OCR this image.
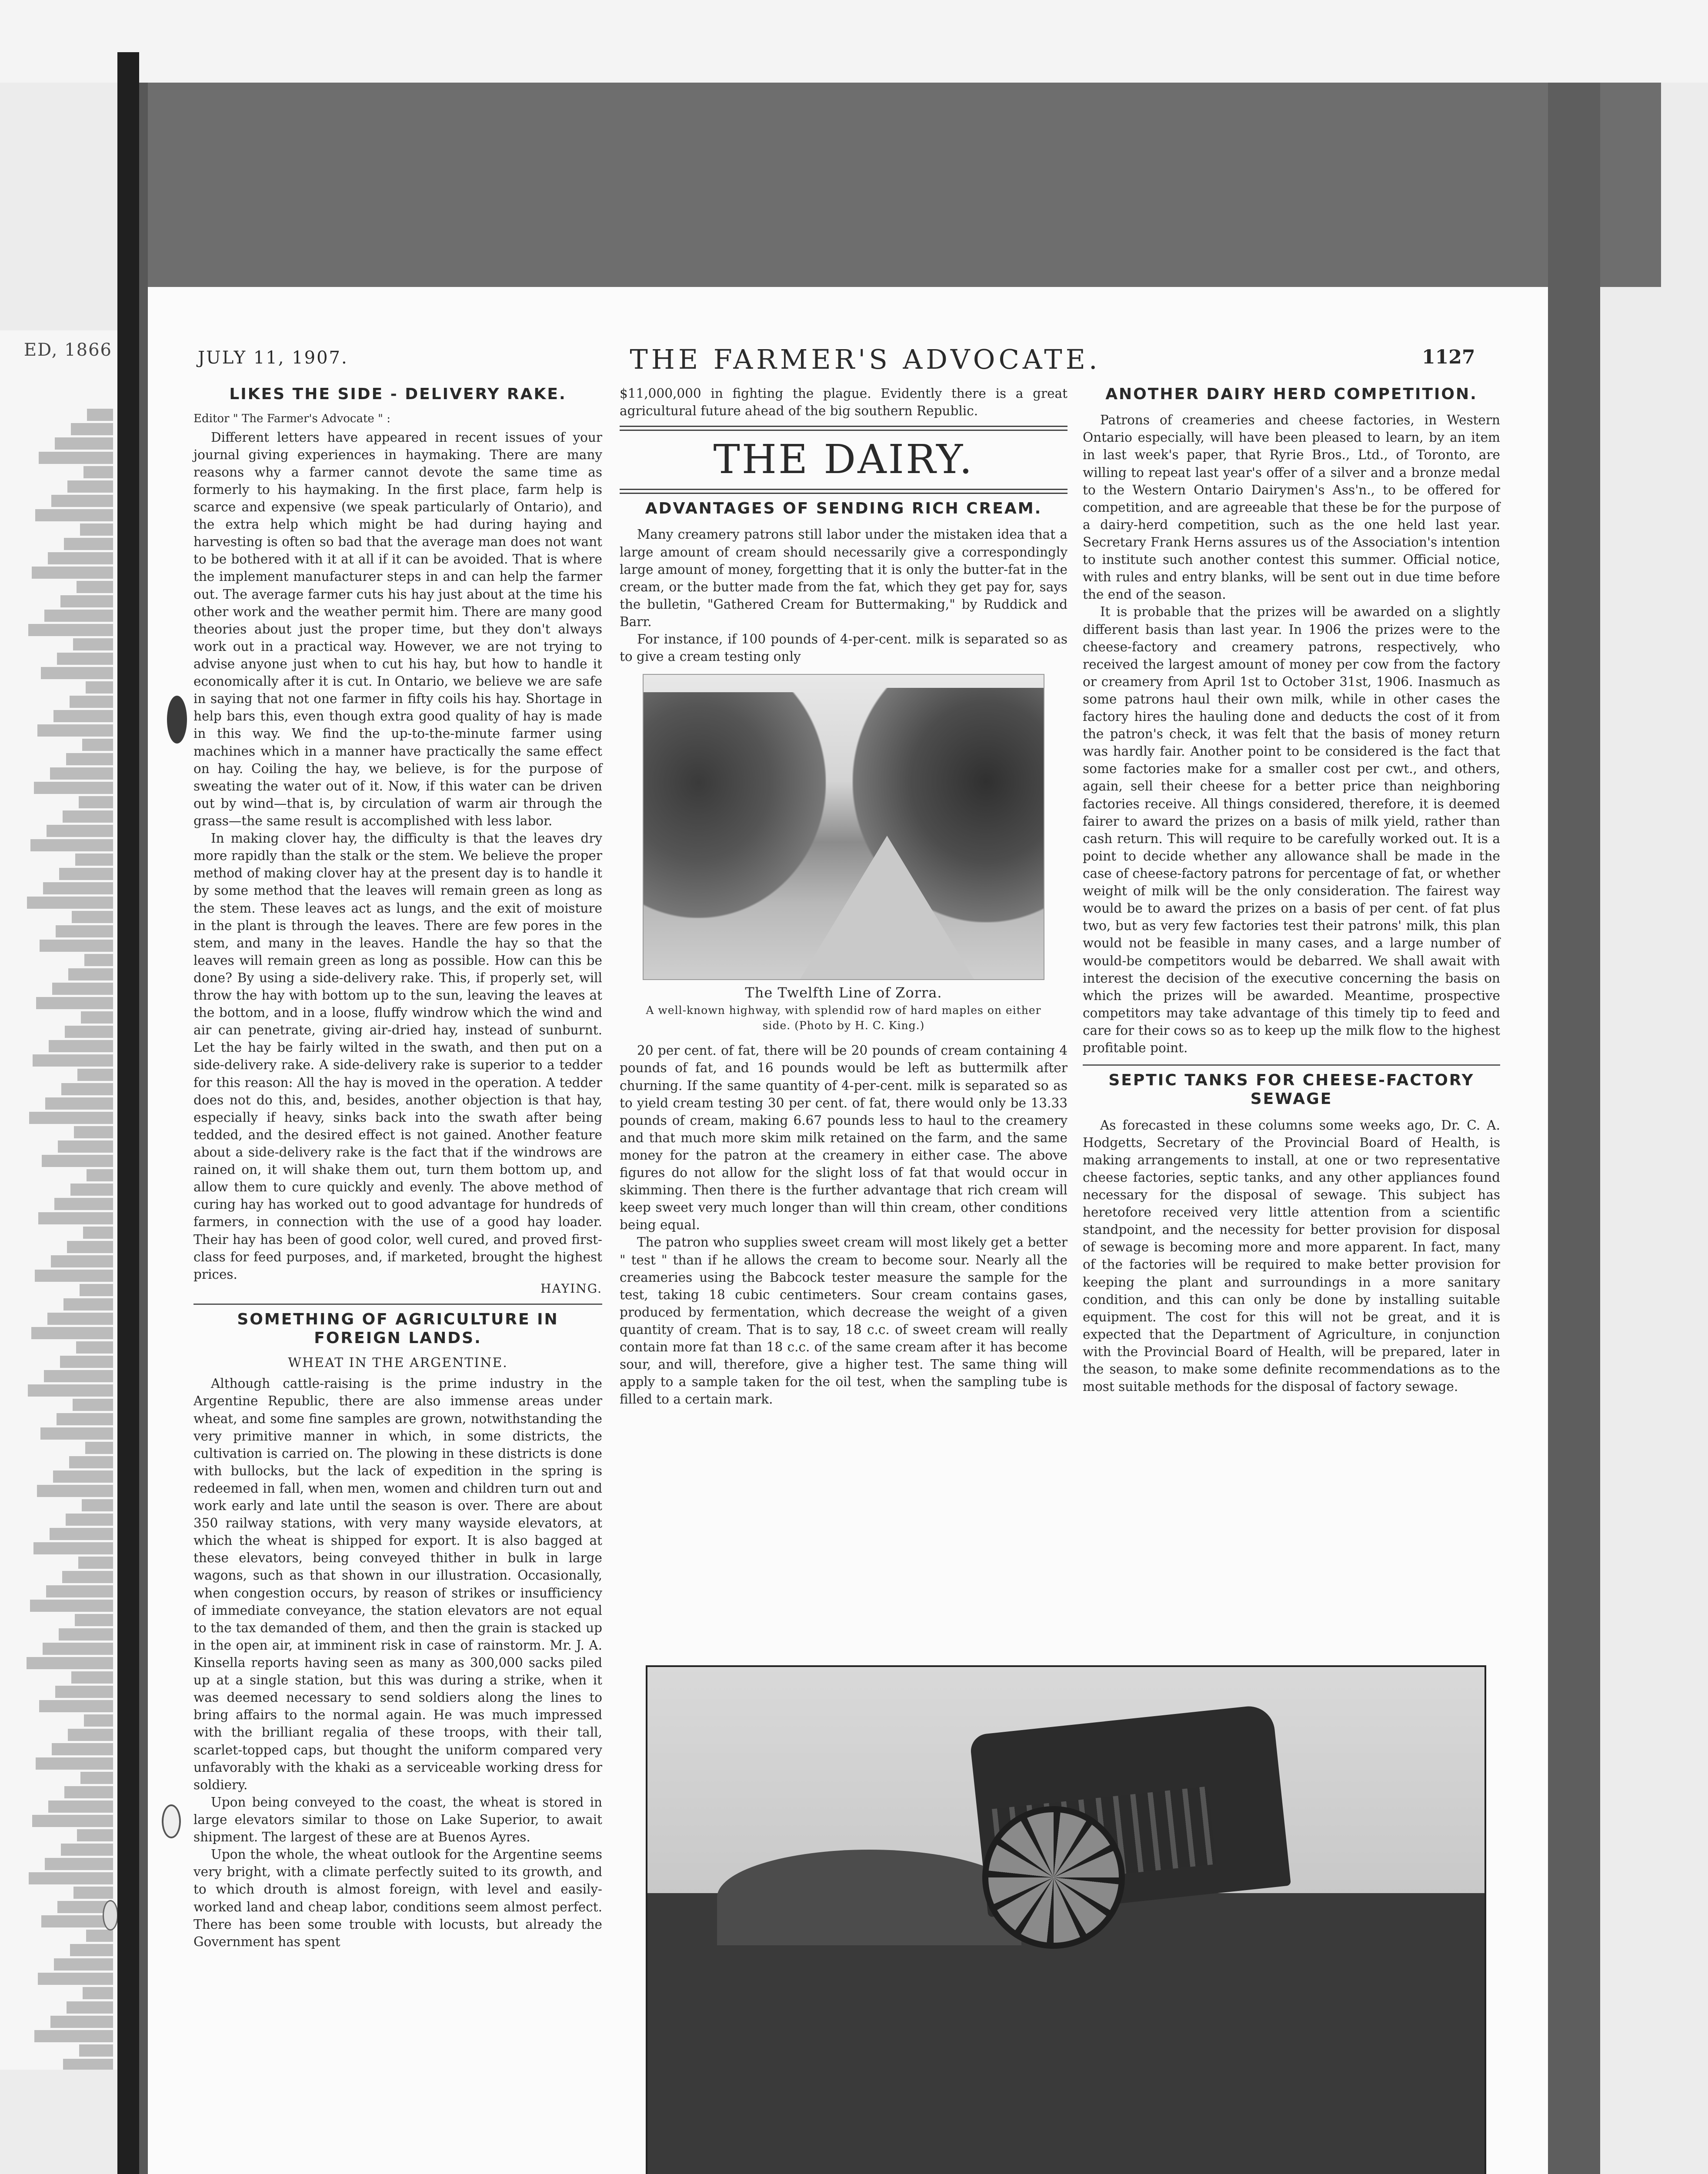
ED, 1866	JULY 11, 1907.	THE FARMER'S ADVOCATE.	1127
LIKES THE SIDE - DELIVERY RAKE.

Editor " The Farmer's Advocate " :

Different letters have appeared in recent issues of your journal giving experiences in haymaking. There are many reasons why a farmer cannot devote the same time as formerly to his haymaking. In the first place, farm help is scarce and expensive (we speak particularly of Ontario), and the extra help which might be had during haying and harvesting is often so bad that the average man does not want to be bothered with it at all if it can be avoided. That is where the implement manufacturer steps in and can help the farmer out. The average farmer cuts his hay just about at the time his other work and the weather permit him. There are many good theories about just the proper time, but they don't always work out in a practical way. However, we are not trying to advise anyone just when to cut his hay, but how to handle it economically after it is cut. In Ontario, we believe we are safe in saying that not one farmer in fifty coils his hay. Shortage in help bars this, even though extra good quality of hay is made in this way. We find the up-to-the-minute farmer using machines which in a manner have practically the same effect on hay. Coiling the hay, we believe, is for the purpose of sweating the water out of it. Now, if this water can be driven out by wind—that is, by circulation of warm air through the grass—the same result is accomplished with less labor.

In making clover hay, the difficulty is that the leaves dry more rapidly than the stalk or the stem. We believe the proper method of making clover hay at the present day is to handle it by some method that the leaves will remain green as long as the stem. These leaves act as lungs, and the exit of moisture in the plant is through the leaves. There are few pores in the stem, and many in the leaves. Handle the hay so that the leaves will remain green as long as possible. How can this be done? By using a side-delivery rake. This, if properly set, will throw the hay with bottom up to the sun, leaving the leaves at the bottom, and in a loose, fluffy windrow which the wind and air can penetrate, giving air-dried hay, instead of sunburnt. Let the hay be fairly wilted in the swath, and then put on a side-delivery rake. A side-delivery rake is superior to a tedder for this reason: All the hay is moved in the operation. A tedder does not do this, and, besides, another objection is that hay, especially if heavy, sinks back into the swath after being tedded, and the desired effect is not gained. Another feature about a side-delivery rake is the fact that if the windrows are rained on, it will shake them out, turn them bottom up, and allow them to cure quickly and evenly. The above method of curing hay has worked out to good advantage for hundreds of farmers, in connection with the use of a good hay loader. Their hay has been of good color, well cured, and proved first-class for feed purposes, and, if marketed, brought the highest prices.

HAYING.
SOMETHING OF AGRICULTURE IN FOREIGN LANDS.
WHEAT IN THE ARGENTINE.

Although cattle-raising is the prime industry in the Argentine Republic, there are also immense areas under wheat, and some fine samples are grown, notwithstanding the very primitive manner in which, in some districts, the cultivation is carried on. The plowing in these districts is done with bullocks, but the lack of expedition in the spring is redeemed in fall, when men, women and children turn out and work early and late until the season is over. There are about 350 railway stations, with very many wayside elevators, at which the wheat is shipped for export. It is also bagged at these elevators, being conveyed thither in bulk in large wagons, such as that shown in our illustration. Occasionally, when congestion occurs, by reason of strikes or insufficiency of immediate conveyance, the station elevators are not equal to the tax demanded of them, and then the grain is stacked up in the open air, at imminent risk in case of rainstorm. Mr. J. A. Kinsella reports having seen as many as 300,000 sacks piled up at a single station, but this was during a strike, when it was deemed necessary to send soldiers along the lines to bring affairs to the normal again. He was much impressed with the brilliant regalia of these troops, with their tall, scarlet-topped caps, but thought the uniform compared very unfavorably with the khaki as a serviceable working dress for soldiery.

Upon being conveyed to the coast, the wheat is stored in large elevators similar to those on Lake Superior, to await shipment. The largest of these are at Buenos Ayres.

Upon the whole, the wheat outlook for the Argentine seems very bright, with a climate perfectly suited to its growth, and to which drouth is almost foreign, with level and easily-worked land and cheap labor, conditions seem almost perfect. There has been some trouble with locusts, but already the Government has spent

$11,000,000 in fighting the plague. Evidently there is a great agricultural future ahead of the big southern Republic.

THE DAIRY.
ADVANTAGES OF SENDING RICH CREAM.

Many creamery patrons still labor under the mistaken idea that a large amount of cream should necessarily give a correspondingly large amount of money, forgetting that it is only the butter-fat in the cream, or the butter made from the fat, which they get pay for, says the bulletin, "Gathered Cream for Buttermaking," by Ruddick and Barr.

For instance, if 100 pounds of 4-per-cent. milk is separated so as to give a cream testing only

The Twelfth Line of Zorra.
A well-known highway, with splendid row of hard maples on either side. (Photo by H. C. King.)

20 per cent. of fat, there will be 20 pounds of cream containing 4 pounds of fat, and 16 pounds would be left as buttermilk after churning. If the same quantity of 4-per-cent. milk is separated so as to yield cream testing 30 per cent. of fat, there would only be 13.33 pounds of cream, making 6.67 pounds less to haul to the creamery and that much more skim milk retained on the farm, and the same money for the patron at the creamery in either case. The above figures do not allow for the slight loss of fat that would occur in skimming. Then there is the further advantage that rich cream will keep sweet very much longer than will thin cream, other conditions being equal.

The patron who supplies sweet cream will most likely get a better " test " than if he allows the cream to become sour. Nearly all the creameries using the Babcock tester measure the sample for the test, taking 18 cubic centimeters. Sour cream contains gases, produced by fermentation, which decrease the weight of a given quantity of cream. That is to say, 18 c.c. of sweet cream will really contain more fat than 18 c.c. of the same cream after it has become sour, and will, therefore, give a higher test. The same thing will apply to a sample taken for the oil test, when the sampling tube is filled to a certain mark.

ANOTHER DAIRY HERD COMPETITION.

Patrons of creameries and cheese factories, in Western Ontario especially, will have been pleased to learn, by an item in last week's paper, that Ryrie Bros., Ltd., of Toronto, are willing to repeat last year's offer of a silver and a bronze medal to the Western Ontario Dairymen's Ass'n., to be offered for competition, and are agreeable that these be for the purpose of a dairy-herd competition, such as the one held last year. Secretary Frank Herns assures us of the Association's intention to institute such another contest this summer. Official notice, with rules and entry blanks, will be sent out in due time before the end of the season.

It is probable that the prizes will be awarded on a slightly different basis than last year. In 1906 the prizes were to the cheese-factory and creamery patrons, respectively, who received the largest amount of money per cow from the factory or creamery from April 1st to October 31st, 1906. Inasmuch as some patrons haul their own milk, while in other cases the factory hires the hauling done and deducts the cost of it from the patron's check, it was felt that the basis of money return was hardly fair. Another point to be considered is the fact that some factories make for a smaller cost per cwt., and others, again, sell their cheese for a better price than neighboring factories receive. All things considered, therefore, it is deemed fairer to award the prizes on a basis of milk yield, rather than cash return. This will require to be carefully worked out. It is a point to decide whether any allowance shall be made in the case of cheese-factory patrons for percentage of fat, or whether weight of milk will be the only consideration. The fairest way would be to award the prizes on a basis of per cent. of fat plus two, but as very few factories test their patrons' milk, this plan would not be feasible in many cases, and a large number of would-be competitors would be debarred. We shall await with interest the decision of the executive concerning the basis on which the prizes will be awarded. Meantime, prospective competitors may take advantage of this timely tip to feed and care for their cows so as to keep up the milk flow to the highest profitable point.

SEPTIC TANKS FOR CHEESE-FACTORY SEWAGE

As forecasted in these columns some weeks ago, Dr. C. A. Hodgetts, Secretary of the Provincial Board of Health, is making arrangements to install, at one or two representative cheese factories, septic tanks, and any other appliances found necessary for the disposal of sewage. This subject has heretofore received very little attention from a scientific standpoint, and the necessity for better provision for disposal of sewage is becoming more and more apparent. In fact, many of the factories will be required to make better provision for keeping the plant and surroundings in a more sanitary condition, and this can only be done by installing suitable equipment. The cost for this will not be great, and it is expected that the Department of Agriculture, in conjunction with the Provincial Board of Health, will be prepared, later in the season, to make some definite recommendations as to the most suitable methods for the disposal of factory sewage.
